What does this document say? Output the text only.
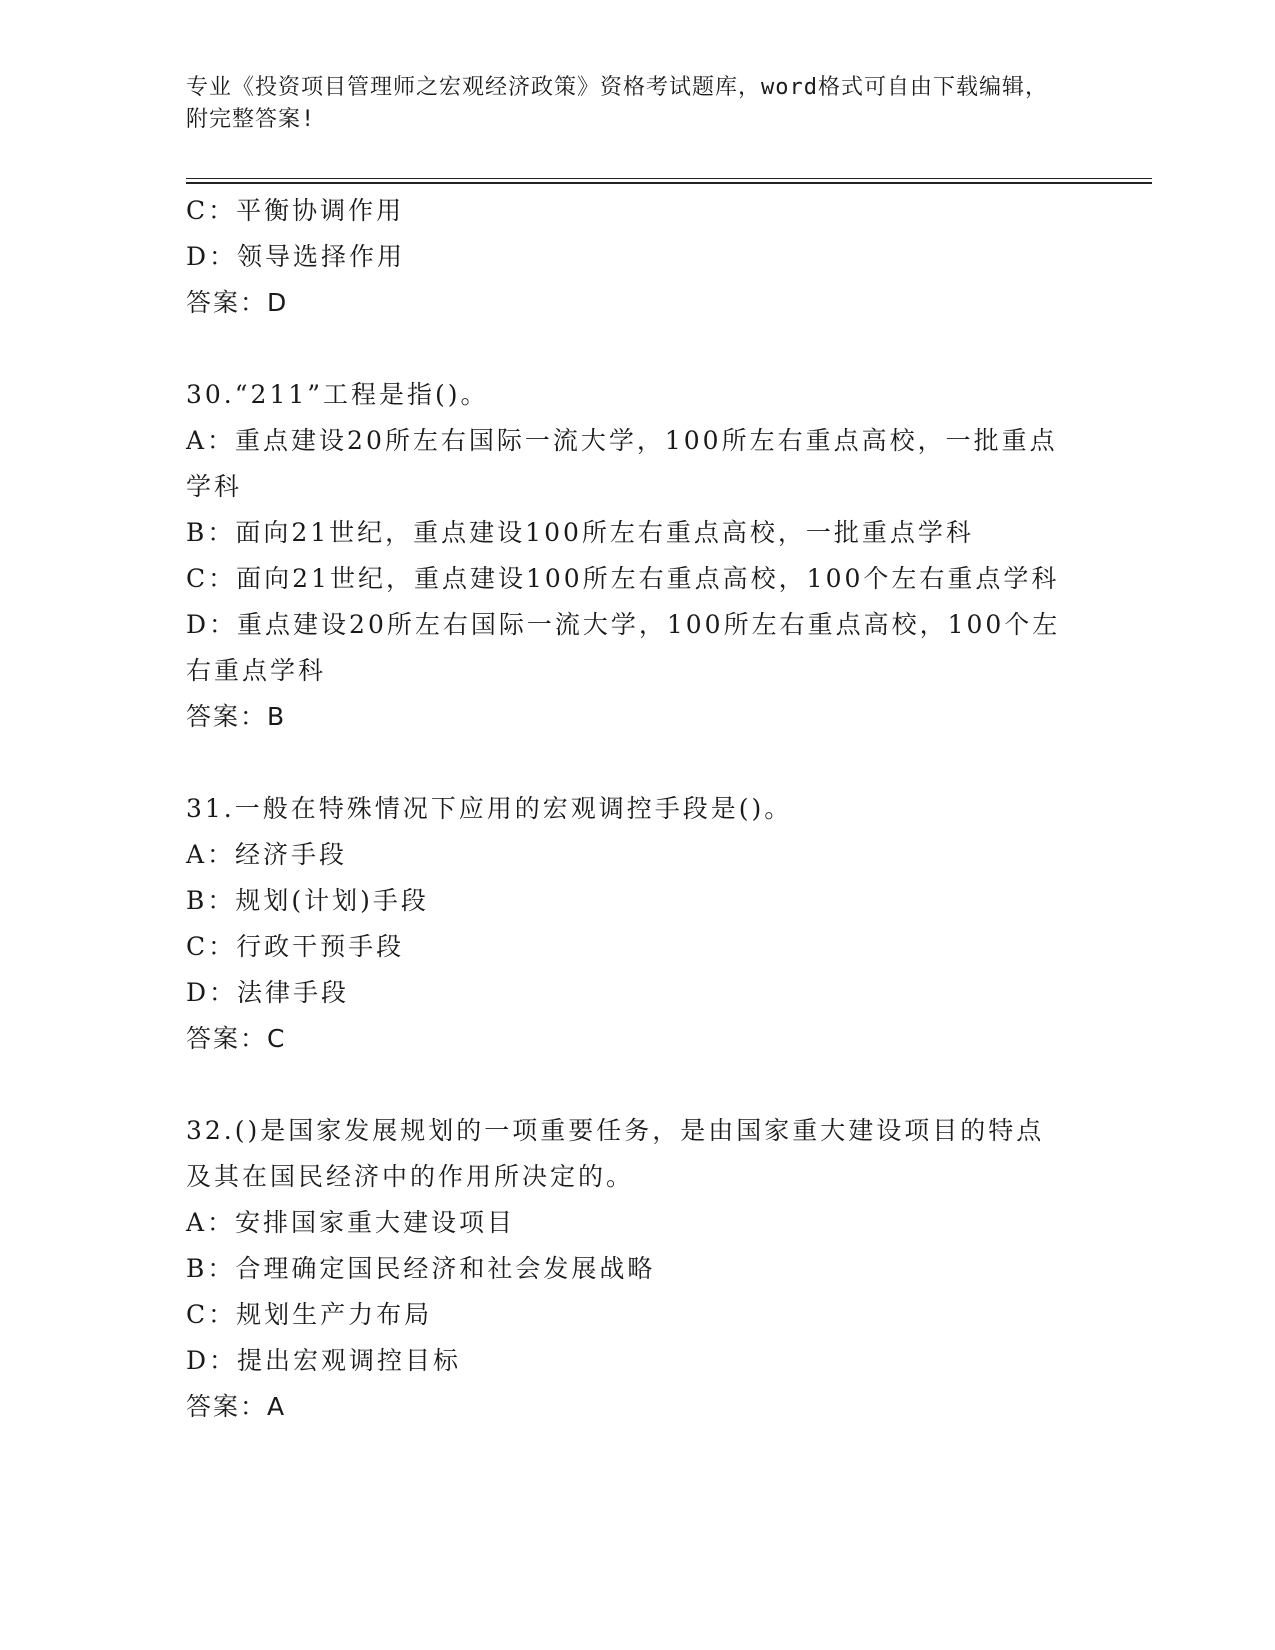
专业《投资项目管理师之宏观经济政策》资格考试题库，word格式可自由下载编辑，附完整答案!
C：平衡协调作用
D：领导选择作用
答案：D
30.“211”工程是指()。
A：重点建设20所左右国际一流大学，100所左右重点高校，一批重点学科
B：面向21世纪，重点建设100所左右重点高校，一批重点学科
C：面向21世纪，重点建设100所左右重点高校，100个左右重点学科
D：重点建设20所左右国际一流大学，100所左右重点高校，100个左右重点学科
答案：B
31.一般在特殊情况下应用的宏观调控手段是()。
A：经济手段
B：规划(计划)手段
C：行政干预手段
D：法律手段
答案：C
32.()是国家发展规划的一项重要任务，是由国家重大建设项目的特点及其在国民经济中的作用所决定的。
A：安排国家重大建设项目
B：合理确定国民经济和社会发展战略
C：规划生产力布局
D：提出宏观调控目标
答案：A
